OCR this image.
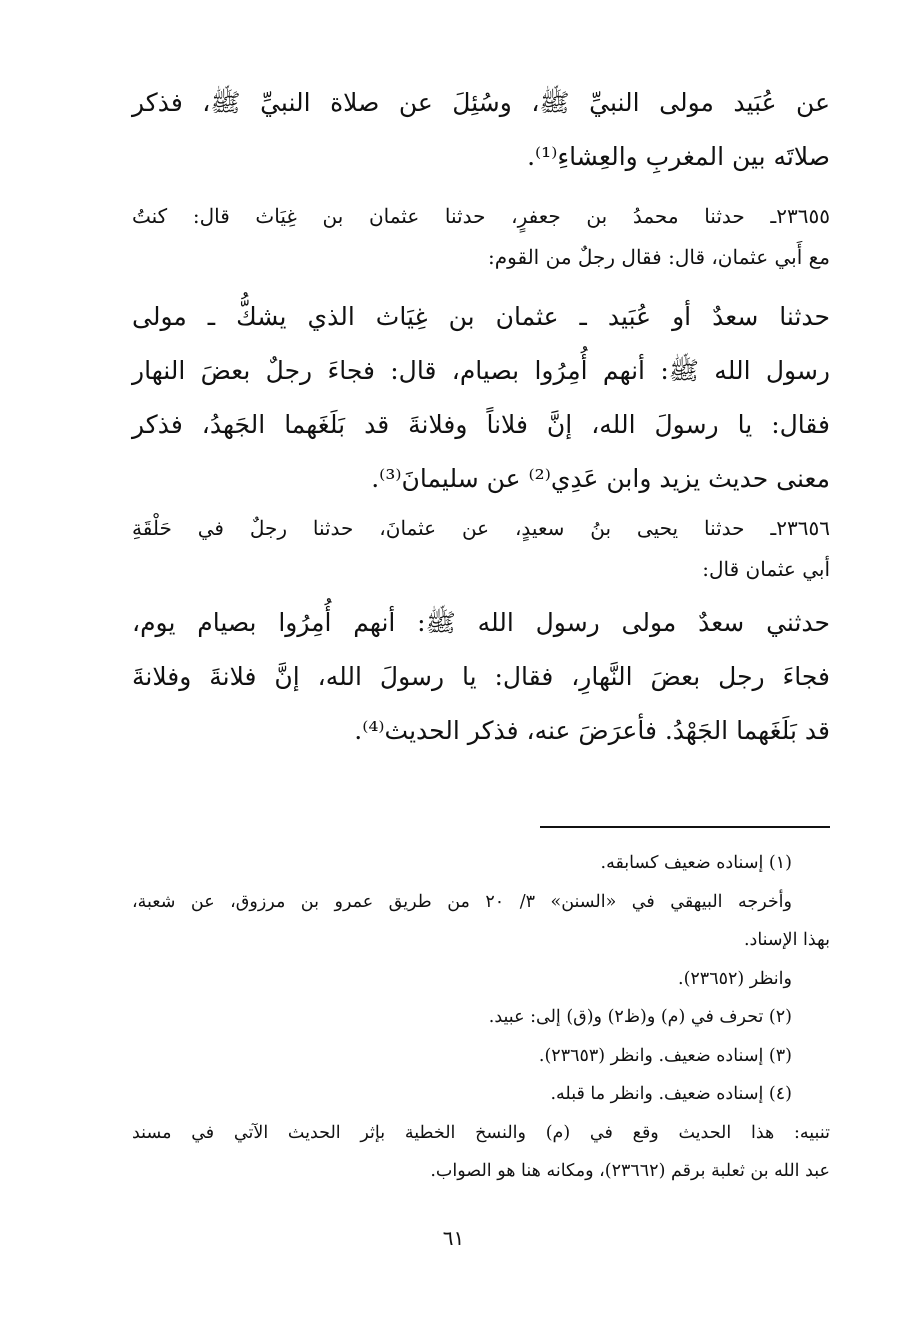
عن عُبَيد مولى النبيِّ ﷺ، وسُئِلَ عن صلاة النبيِّ ﷺ، فذكر
صلاتَه بين المغربِ والعِشاءِ⁽¹⁾.
٢٣٦٥٥ـ حدثنا محمدُ بن جعفرٍ، حدثنا عثمان بن غِيَاث قال: كنتُ
مع أَبي عثمان، قال: فقال رجلٌ من القوم:
حدثنا سعدٌ أو عُبَيد ـ عثمان بن غِيَاث الذي يشكُّ ـ مولى
رسول الله ﷺ: أنهم أُمِرُوا بصيام، قال: فجاءَ رجلٌ بعضَ النهار
فقال: يا رسولَ الله، إنَّ فلاناً وفلانةَ قد بَلَغَهما الجَهدُ، فذكر
معنى حديث يزيد وابن عَدِي⁽²⁾ عن سليمانَ⁽³⁾.
٢٣٦٥٦ـ حدثنا يحيى بنُ سعيدٍ، عن عثمانَ، حدثنا رجلٌ في حَلْقَةِ
أبي عثمان قال:
حدثني سعدٌ مولى رسول الله ﷺ: أنهم أُمِرُوا بصيام يوم،
فجاءَ رجل بعضَ النَّهارِ، فقال: يا رسولَ الله، إنَّ فلانةَ وفلانةَ
قد بَلَغَهما الجَهْدُ. فأعرَضَ عنه، فذكر الحديث⁽⁴⁾.
(١) إسناده ضعيف كسابقه.
وأخرجه البيهقي في «السنن» ٣/ ٢٠ من طريق عمرو بن مرزوق، عن شعبة،
بهذا الإسناد.
وانظر (٢٣٦٥٢).
(٢) تحرف في (م) و(ظ٢) و(ق) إلى: عبيد.
(٣) إسناده ضعيف. وانظر (٢٣٦٥٣).
(٤) إسناده ضعيف. وانظر ما قبله.
تنبيه: هذا الحديث وقع في (م) والنسخ الخطية بإثر الحديث الآتي في مسند
عبد الله بن ثعلبة برقم (٢٣٦٦٢)، ومكانه هنا هو الصواب.
٦١
